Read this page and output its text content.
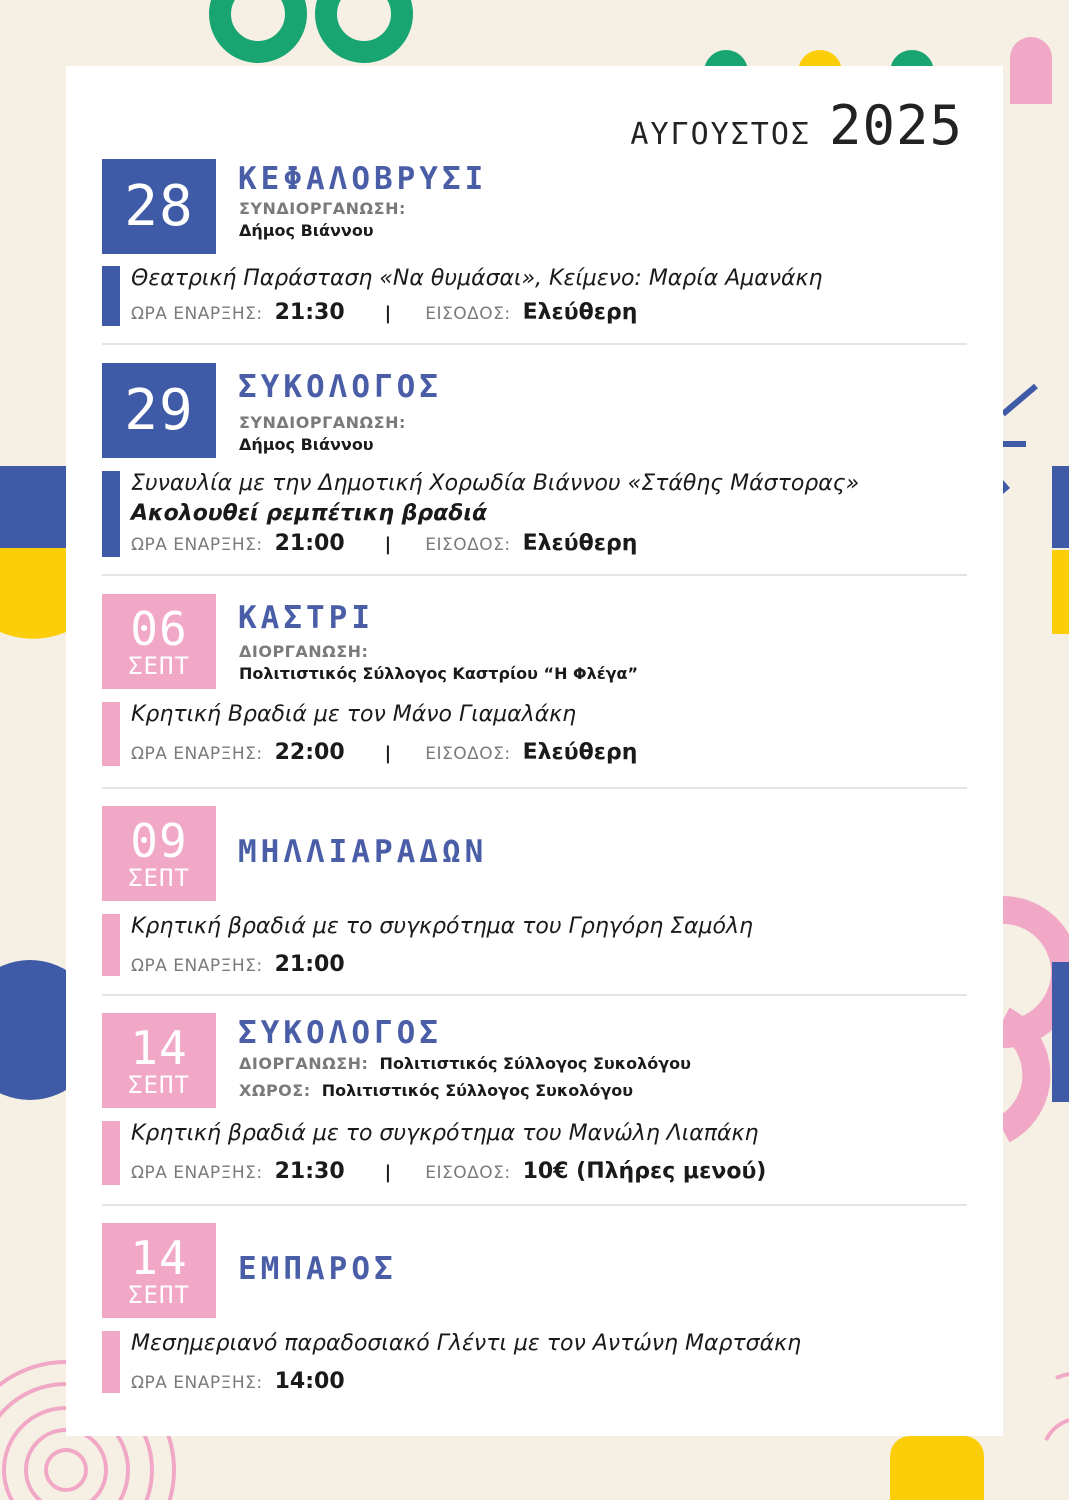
ΑΥΓΟΥΣΤΟΣ 2025
28 ΚΕΦΑΛΟΒΡΥΣΙ
ΣΥΝΔΙΟΡΓΑΝΩΣΗ:
Δήμος Βιάννου
Θεατρική Παράσταση «Να θυμάσαι», Κείμενο: Μαρία Αμανάκη
ΩΡΑ ΕΝΑΡΞΗΣ: 21:30 | ΕΙΣΟΔΟΣ: Ελεύθερη
29 ΣΥΚΟΛΟΓΟΣ
ΣΥΝΔΙΟΡΓΑΝΩΣΗ:
Δήμος Βιάννου
Συναυλία με την Δημοτική Χορωδία Βιάννου «Στάθης Μάστορας»
Ακολουθεί ρεμπέτικη βραδιά
ΩΡΑ ΕΝΑΡΞΗΣ: 21:00 | ΕΙΣΟΔΟΣ: Ελεύθερη
06
ΣΕΠΤ
ΚΑΣΤΡΙ
ΔΙΟΡΓΑΝΩΣΗ:
Πολιτιστικός Σύλλογος Καστρίου “Η Φλέγα”
Κρητική Βραδιά με τον Μάνο Γιαμαλάκη
ΩΡΑ ΕΝΑΡΞΗΣ: 22:00 | ΕΙΣΟΔΟΣ: Ελεύθερη
09
ΣΕΠΤ
ΜΗΛΛΙΑΡΑΔΩΝ
Κρητική βραδιά με το συγκρότημα του Γρηγόρη Σαμόλη
ΩΡΑ ΕΝΑΡΞΗΣ: 21:00
14
ΣΕΠΤ
ΣΥΚΟΛΟΓΟΣ
ΔΙΟΡΓΑΝΩΣΗ: Πολιτιστικός Σύλλογος Συκολόγου
ΧΩΡΟΣ: Πολιτιστικός Σύλλογος Συκολόγου
Κρητική βραδιά με το συγκρότημα του Μανώλη Λιαπάκη
ΩΡΑ ΕΝΑΡΞΗΣ: 21:30 | ΕΙΣΟΔΟΣ: 10€ (Πλήρες μενού)
14
ΣΕΠΤ
ΕΜΠΑΡΟΣ
Μεσημεριανό παραδοσιακό Γλέντι με τον Αντώνη Μαρτσάκη
ΩΡΑ ΕΝΑΡΞΗΣ: 14:00
